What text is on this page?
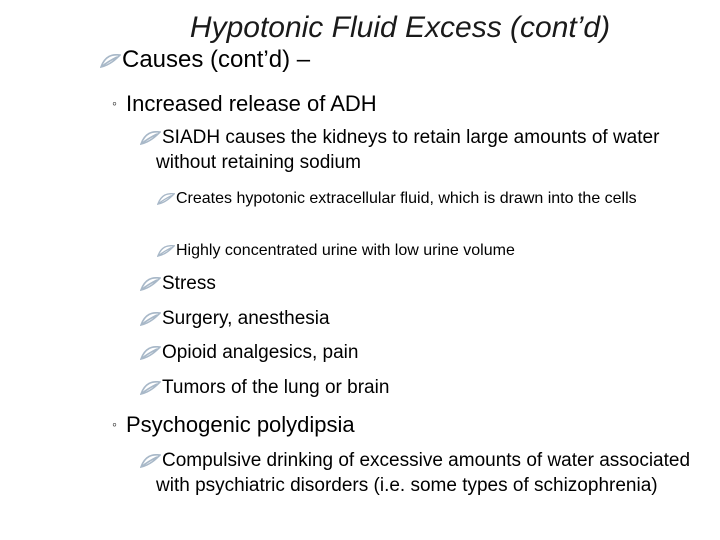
Hypotonic Fluid Excess (cont’d)
Causes (cont’d) –
◦ Increased release of ADH
SIADH causes the kidneys to retain large amounts of water without retaining sodium
Creates hypotonic extracellular fluid, which is drawn into the cells
Highly concentrated urine with low urine volume
Stress
Surgery, anesthesia
Opioid analgesics, pain
Tumors of the lung or brain
◦ Psychogenic polydipsia
Compulsive drinking of excessive amounts of water associated with psychiatric disorders (i.e. some types of schizophrenia)
